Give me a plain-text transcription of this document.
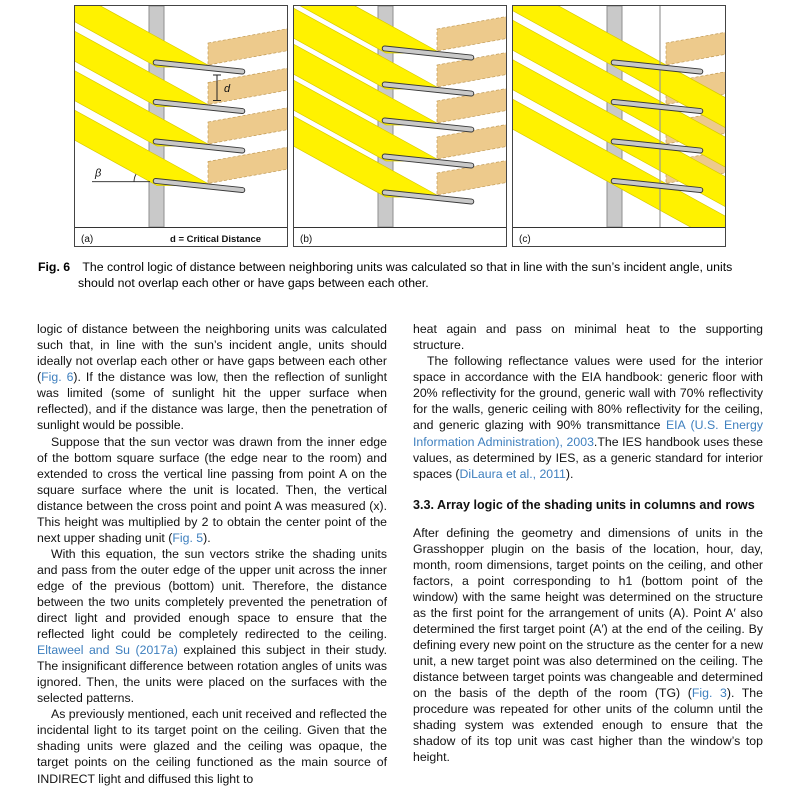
d
β
(a)	d = Critical Distance	(b)	(c)

Fig. 6 The control logic of distance between neighboring units was calculated so that in line with the sun’s incident angle, units should not overlap each other or have gaps between each other.

logic of distance between the neighboring units was calculated such that, in line with the sun’s incident angle, units should ideally not overlap each other or have gaps between each other (Fig. 6). If the distance was low, then the reflection of sunlight was limited (some of sunlight hit the upper surface when reflected), and if the distance was large, then the penetration of sunlight would be possible.

Suppose that the sun vector was drawn from the inner edge of the bottom square surface (the edge near to the room) and extended to cross the vertical line passing from point A on the square surface where the unit is located. Then, the vertical distance between the cross point and point A was measured (x). This height was multiplied by 2 to obtain the center point of the next upper shading unit (Fig. 5).

With this equation, the sun vectors strike the shading units and pass from the outer edge of the upper unit across the inner edge of the previous (bottom) unit. Therefore, the distance between the two units completely prevented the penetration of direct light and provided enough space to ensure that the reflected light could be completely redirected to the ceiling. Eltaweel and Su (2017a) explained this subject in their study. The insignificant difference between rotation angles of units was ignored. Then, the units were placed on the surfaces with the selected patterns.

As previously mentioned, each unit received and reflected the incidental light to its target point on the ceiling. Given that the shading units were glazed and the ceiling was opaque, the target points on the ceiling functioned as the main source of INDIRECT light and diffused this light to

heat again and pass on minimal heat to the supporting structure.

The following reflectance values were used for the interior space in accordance with the EIA handbook: generic floor with 20% reflectivity for the ground, generic wall with 70% reflectivity for the walls, generic ceiling with 80% reflectivity for the ceiling, and generic glazing with 90% transmittance EIA (U.S. Energy Information Administration), 2003.The IES handbook uses these values, as determined by IES, as a generic standard for interior spaces (DiLaura et al., 2011).

3.3. Array logic of the shading units in columns and rows

After defining the geometry and dimensions of units in the Grasshopper plugin on the basis of the location, hour, day, month, room dimensions, target points on the ceiling, and other factors, a point corresponding to h1 (bottom point of the window) with the same height was determined on the structure as the first point for the arrangement of units (A). Point A′ also determined the first target point (A′) at the end of the ceiling. By defining every new point on the structure as the center for a new unit, a new target point was also determined on the ceiling. The distance between target points was changeable and determined on the basis of the depth of the room (TG) (Fig. 3). The procedure was repeated for other units of the column until the shading system was extended enough to ensure that the shadow of its top unit was cast higher than the window’s top height.
